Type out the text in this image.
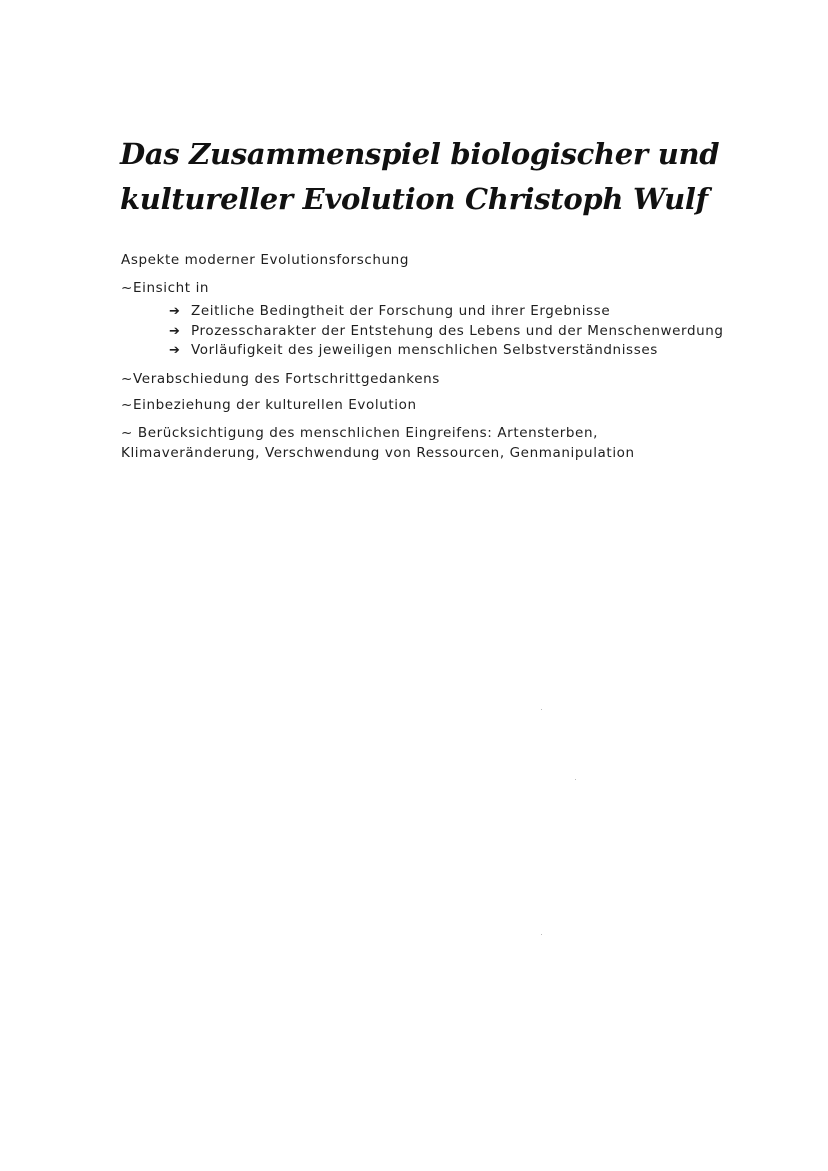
Das Zusammenspiel biologischer und
kultureller Evolution Christoph Wulf

Aspekte moderner Evolutionsforschung

~ Einsicht in
➔ Zeitliche Bedingtheit der Forschung und ihrer Ergebnisse
➔ Prozesscharakter der Entstehung des Lebens und der Menschenwerdung
➔ Vorläufigkeit des jeweiligen menschlichen Selbstverständnisses
~ Verabschiedung des Fortschrittgedankens
~ Einbeziehung der kulturellen Evolution
~ Berücksichtigung des menschlichen Eingreifens: Artensterben, Klimaveränderung, Verschwendung von Ressourcen, Genmanipulation
